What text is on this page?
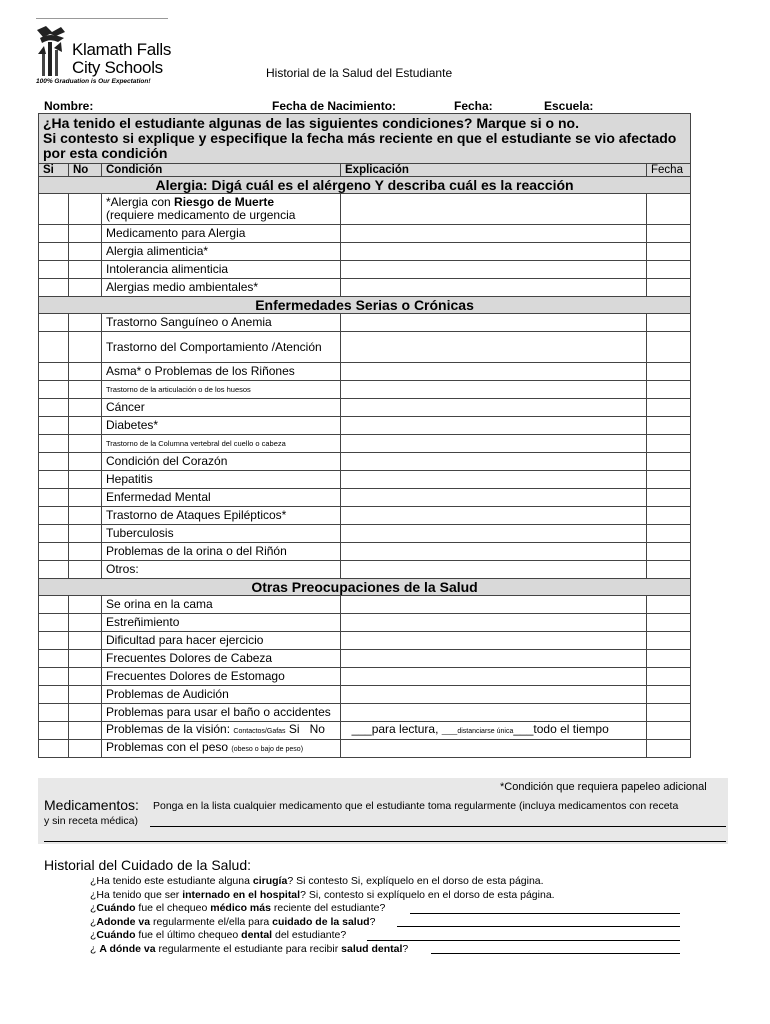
Klamath Falls
City Schools
100% Graduation is Our Expectation!
Historial de la Salud del Estudiante
Nombre:	Fecha de Nacimiento:	Fecha:	Escuela:
¿Ha tenido el estudiante algunas de las siguientes condiciones? Marque si o no.
Si contesto si explique y especifique la fecha más reciente en que el estudiante se vio afectado por esta condición				

Si	No	Condición	Explicación	Fecha
Alergia: Digá cuál es el alérgeno Y describa cuál es la reacción				
		*Alergia con Riesgo de Muerte
(requiere medicamento de urgencia		
		Medicamento para Alergia		
		Alergia alimenticia*		
		Intolerancia alimenticia		
		Alergias medio ambientales*		
Enfermedades Serias o Crónicas				
		Trastorno Sanguíneo o Anemia		
		Trastorno del Comportamiento /Atención		
		Asma* o Problemas de los Riñones		
		Trastorno de la articulación o de los huesos		
		Cáncer		
		Diabetes*		
		Trastorno de la Columna vertebral del cuello o cabeza		
		Condición del Corazón		
		Hepatitis		
		Enfermedad Mental		
		Trastorno de Ataques Epilépticos*		
		Tuberculosis		
		Problemas de la orina o del Riñón		
		Otros:		
Otras Preocupaciones de la Salud				
		Se orina en la cama		
		Estreñimiento		
		Dificultad para hacer ejercicio		
		Frecuentes Dolores de Cabeza		
		Frecuentes Dolores de Estomago		
		Problemas de Audición		
		Problemas para usar el baño o accidentes		
		Problemas de la visión: Contactos/Gafas Si No	___para lectura, ____distanciarse única___todo el tiempo	
		Problemas con el peso (obeso o bajo de peso)		
*Condición que requiera papeleo adicional
Medicamentos: Ponga en la lista cualquier medicamento que el estudiante toma regularmente (incluya medicamentos con receta
y sin receta médica)
Historial del Cuidado de la Salud:
¿Ha tenido este estudiante alguna cirugía? Si contesto Si, explíquelo en el dorso de esta página.
¿Ha tenido que ser internado en el hospital? Si, contesto si explíquelo en el dorso de esta página.
¿Cuándo fue el chequeo médico más reciente del estudiante?
¿Adonde va regularmente el/ella para cuidado de la salud?
¿Cuándo fue el último chequeo dental del estudiante?
¿ A dónde va regularmente el estudiante para recibir salud dental?
